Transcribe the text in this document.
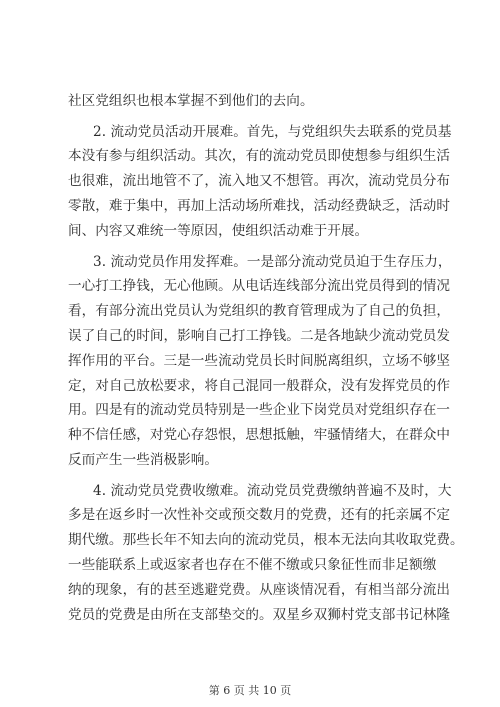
社区党组织也根本掌握不到他们的去向。
2. 流动党员活动开展难。首先，与党组织失去联系的党员基
本没有参与组织活动。其次，有的流动党员即使想参与组织生活
也很难，流出地管不了，流入地又不想管。再次，流动党员分布
零散，难于集中，再加上活动场所难找，活动经费缺乏，活动时
间、内容又难统一等原因，使组织活动难于开展。
3. 流动党员作用发挥难。一是部分流动党员迫于生存压力，
一心打工挣钱，无心他顾。从电话连线部分流出党员得到的情况
看，有部分流出党员认为党组织的教育管理成为了自己的负担，
误了自己的时间，影响自己打工挣钱。二是各地缺少流动党员发
挥作用的平台。三是一些流动党员长时间脱离组织，立场不够坚
定，对自己放松要求，将自己混同一般群众，没有发挥党员的作
用。四是有的流动党员特别是一些企业下岗党员对党组织存在一
种不信任感，对党心存怨恨，思想抵触，牢骚情绪大，在群众中
反而产生一些消极影响。
4. 流动党员党费收缴难。流动党员党费缴纳普遍不及时，大
多是在返乡时一次性补交或预交数月的党费，还有的托亲属不定
期代缴。那些长年不知去向的流动党员，根本无法向其收取党费。
一些能联系上或返家者也存在不催不缴或只象征性而非足额缴
纳的现象，有的甚至逃避党费。从座谈情况看，有相当部分流出
党员的党费是由所在支部垫交的。双星乡双狮村党支部书记林隆
第 6 页 共 10 页
